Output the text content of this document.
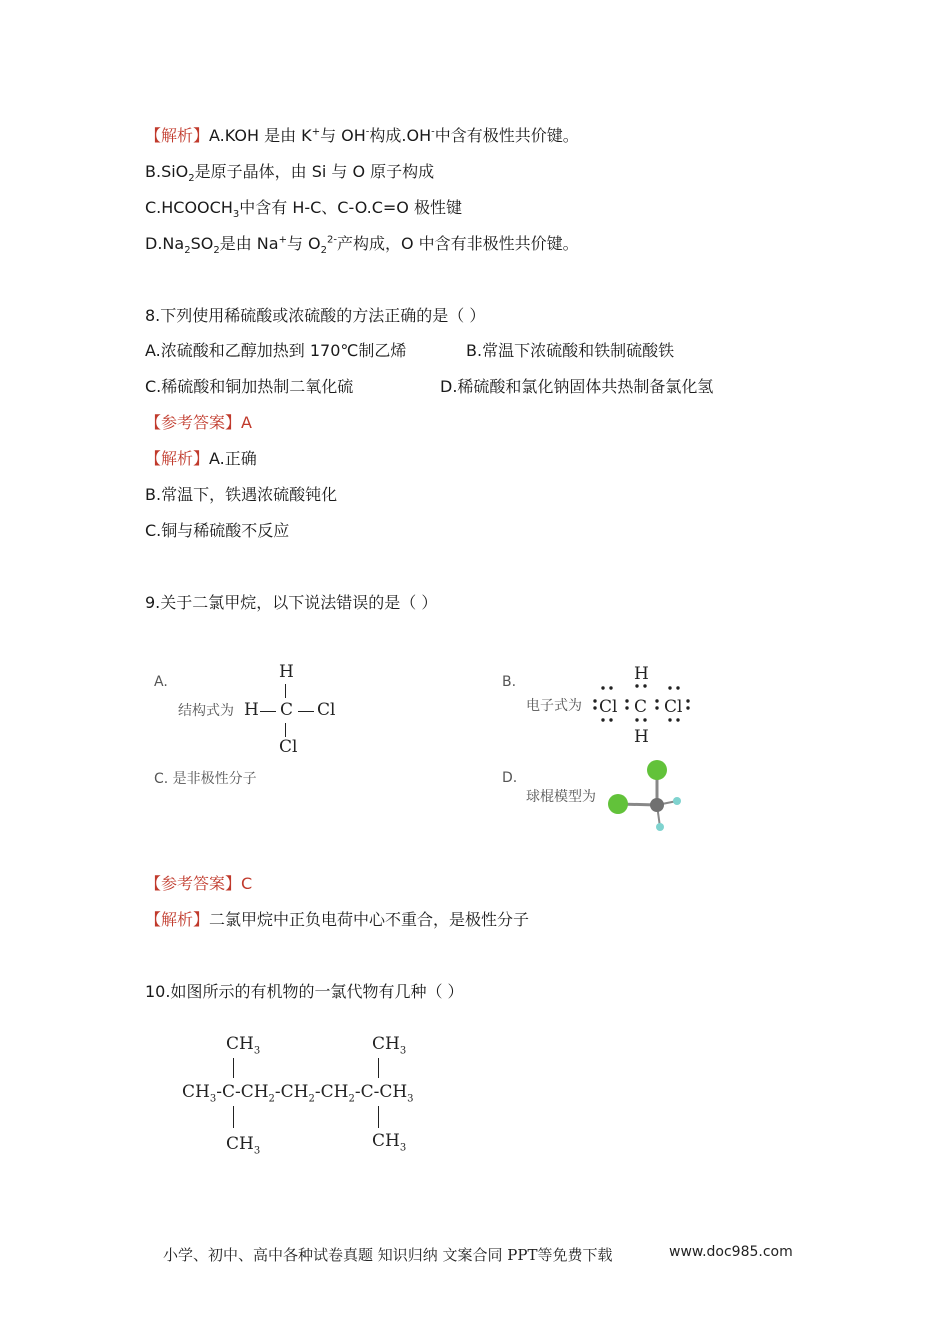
【解析】A.KOH 是由 K+与 OH-构成.OH-中含有极性共价键。
B.SiO$_2$是原子晶体，由 Si 与 O 原子构成
$C.HCOOCH_3$中含有 H-C、C-O.C=O 极性键
$D.Na_2SO_2$是由 Na+与 $O_2^{2-}$产构成，O 中含有非极性共价键。
8.下列使用稀硫酸或浓硫酸的方法正确的是（ ）
A.浓硫酸和乙醇加热到 170℃制乙烯	B.常温下浓硫酸和铁制硫酸铁
C.稀硫酸和铜加热制二氧化硫	D.稀硫酸和氯化钠固体共热制备氯化氢
【参考答案】A
【解析】A.正确
B.常温下，铁遇浓硫酸钝化
C.铜与稀硫酸不反应
9.关于二氯甲烷，以下说法错误的是（ ）
A.
结构式为
H
H C Cl
Cl
B.
电子式为
H
Cl C Cl
H
C. 是非极性分子	D.
球棍模型为
【参考答案】C
【解析】二氯甲烷中正负电荷中心不重合，是极性分子
10.如图所示的有机物的一氯代物有几种（ ）
$CH_3$	$CH_3$
$CH_3-C-CH_2-CH_2-CH_2-C-CH_3$
$CH_3$	$CH_3$
小学、初中、高中各种试卷真题 知识归纳 文案合同 PPT等免费下载	www.doc985.com
